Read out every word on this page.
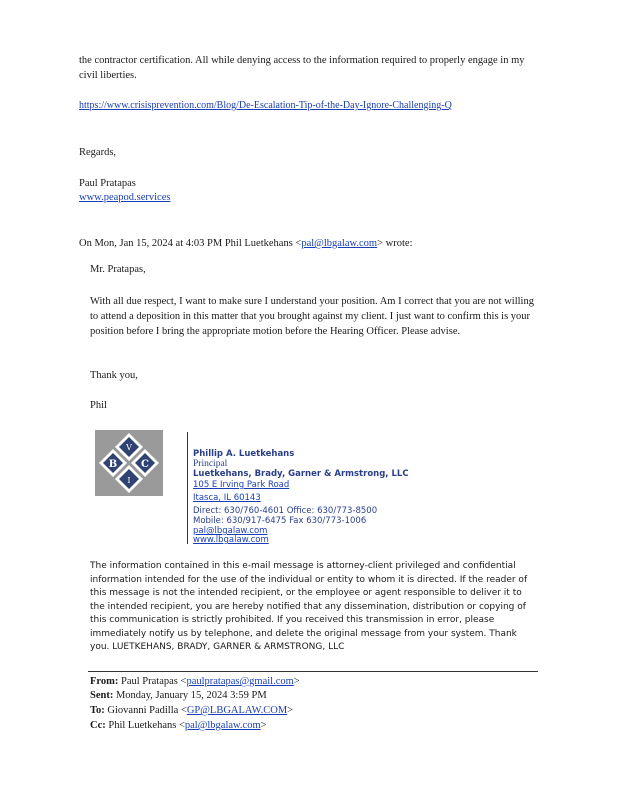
the contractor certification. All while denying access to the information required to properly engage in my civil liberties.
https://www.crisisprevention.com/Blog/De-Escalation-Tip-of-the-Day-Ignore-Challenging-Q
Regards,
Paul Pratapas
www.peapod.services
On Mon, Jan 15, 2024 at 4:03 PM Phil Luetkehans <pal@lbgalaw.com> wrote:
Mr. Pratapas,
With all due respect, I want to make sure I understand your position. Am I correct that you are not willing to attend a deposition in this matter that you brought against my client. I just want to confirm this is your position before I bring the appropriate motion before the Hearing Officer. Please advise.
Thank you,
Phil
V
B C
I
Phillip A. Luetkehans
Principal
Luetkehans, Brady, Garner & Armstrong, LLC
105 E Irving Park Road
Itasca, IL 60143
Direct: 630/760-4601 Office: 630/773-8500
Mobile: 630/917-6475 Fax 630/773-1006
pal@lbgalaw.com
www.lbgalaw.com
The information contained in this e-mail message is attorney-client privileged and confidential information intended for the use of the individual or entity to whom it is directed. If the reader of this message is not the intended recipient, or the employee or agent responsible to deliver it to the intended recipient, you are hereby notified that any dissemination, distribution or copying of this communication is strictly prohibited. If you received this transmission in error, please immediately notify us by telephone, and delete the original message from your system. Thank you. LUETKEHANS, BRADY, GARNER & ARMSTRONG, LLC
From: Paul Pratapas <paulpratapas@gmail.com>
Sent: Monday, January 15, 2024 3:59 PM
To: Giovanni Padilla <GP@LBGALAW.COM>
Cc: Phil Luetkehans <pal@lbgalaw.com>
